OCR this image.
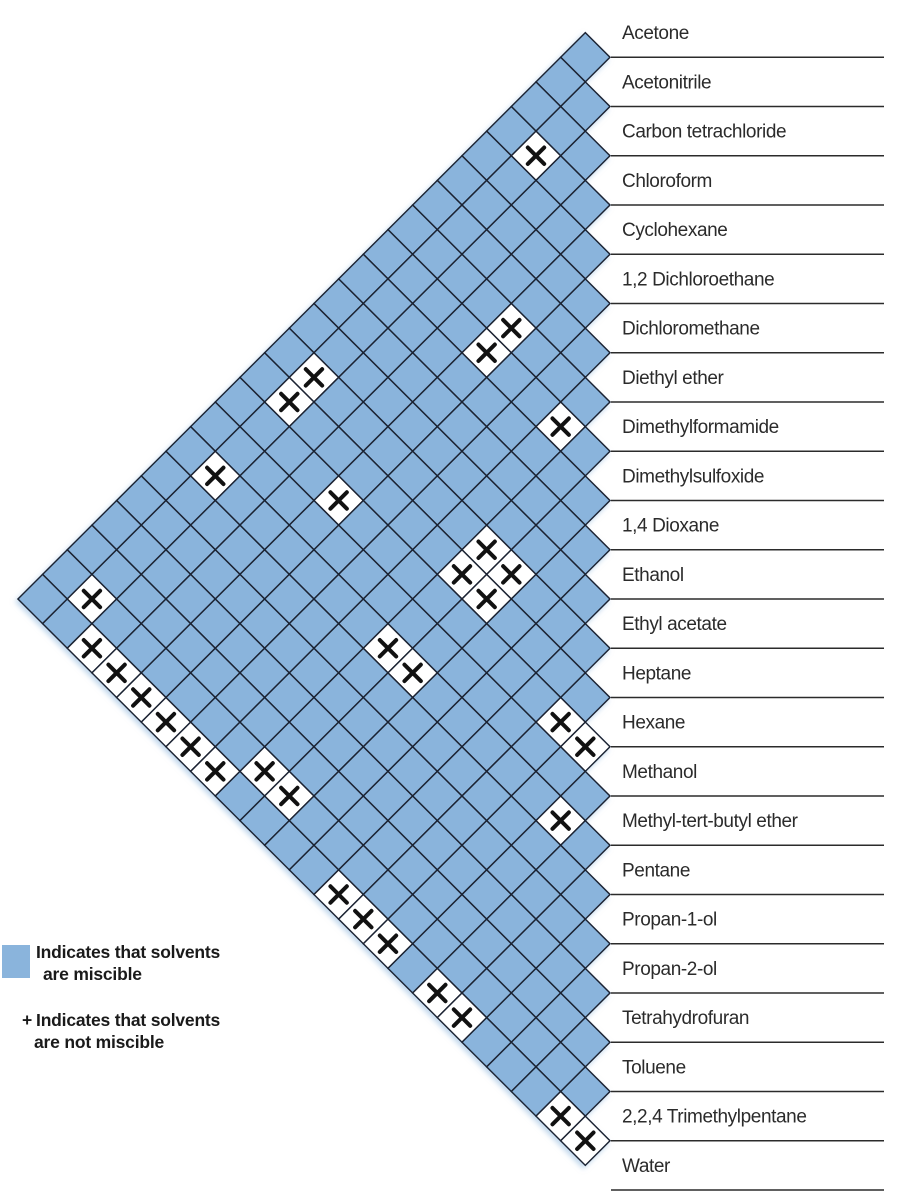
Acetone
Acetonitrile
Carbon tetrachloride
Chloroform
Cyclohexane
1,2 Dichloroethane
Dichloromethane
Diethyl ether
Dimethylformamide
Dimethylsulfoxide
1,4 Dioxane
Ethanol
Ethyl acetate
Heptane
Hexane
Methanol
Methyl-tert-butyl ether
Pentane
Propan-1-ol
Propan-2-ol
Tetrahydrofuran
Toluene
2,2,4 Trimethylpentane
Water
Indicates that solvents
are miscible
+ Indicates that solvents
are not miscible
